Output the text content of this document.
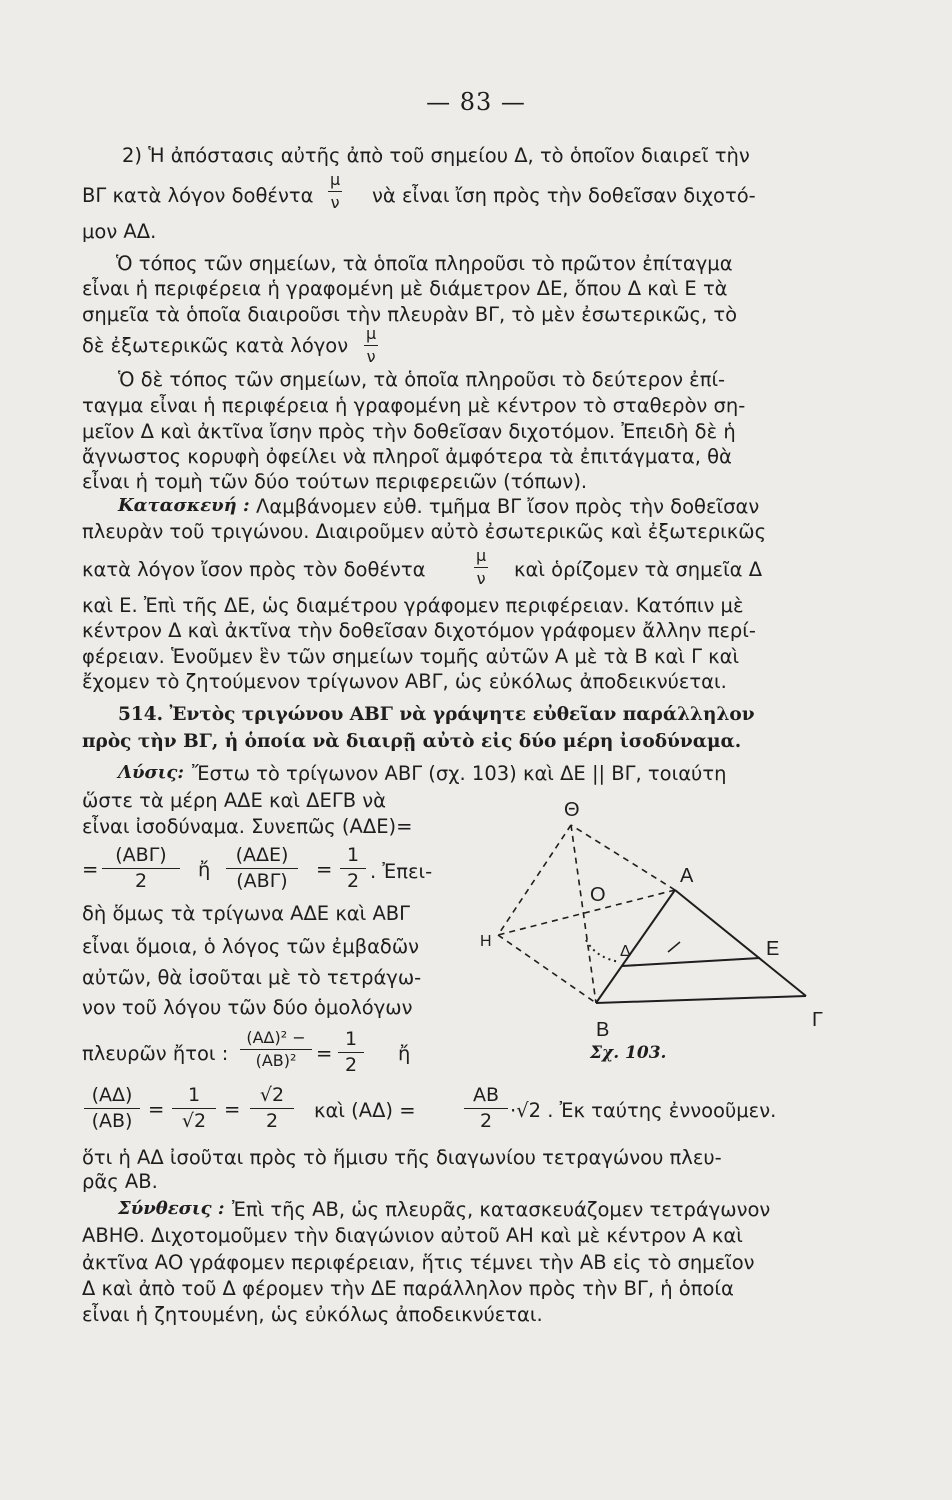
— 83 —
2) Ἡ ἀπόστασις αὐτῆς ἀπὸ τοῦ σημείου Δ, τὸ ὁποῖον διαιρεῖ τὴν
ΒΓ κατὰ λόγον δοθέντα $\frac{\mu}{\nu}$ νὰ εἶναι ἴση πρὸς τὴν δοθεῖσαν διχοτό-
μον ΑΔ.
Ὁ τόπος τῶν σημείων, τὰ ὁποῖα πληροῦσι τὸ πρῶτον ἐπίταγμα
εἶναι ἡ περιφέρεια ἡ γραφομένη μὲ διάμετρον ΔΕ, ὅπου Δ καὶ Ε τὰ
σημεῖα τὰ ὁποῖα διαιροῦσι τὴν πλευρὰν ΒΓ, τὸ μὲν ἐσωτερικῶς, τὸ
δὲ ἐξωτερικῶς κατὰ λόγον $\frac{\mu}{\nu}$
Ὁ δὲ τόπος τῶν σημείων, τὰ ὁποῖα πληροῦσι τὸ δεύτερον ἐπί-
ταγμα εἶναι ἡ περιφέρεια ἡ γραφομένη μὲ κέντρον τὸ σταθερὸν ση-
μεῖον Δ καὶ ἀκτῖνα ἴσην πρὸς τὴν δοθεῖσαν διχοτόμον. Ἐπειδὴ δὲ ἡ
ἄγνωστος κορυφὴ ὀφείλει νὰ πληροῖ ἀμφότερα τὰ ἐπιτάγματα, θὰ
εἶναι ἡ τομὴ τῶν δύο τούτων περιφερειῶν (τόπων).
Κατασκευή : Λαμβάνομεν εὐθ. τμῆμα ΒΓ ἴσον πρὸς τὴν δοθεῖσαν
πλευρὰν τοῦ τριγώνου. Διαιροῦμεν αὐτὸ ἐσωτερικῶς καὶ ἐξωτερικῶς
κατὰ λόγον ἴσον πρὸς τὸν δοθέντα	$\frac{\mu}{\nu}$ καὶ ὁρίζομεν τὰ σημεῖα Δ
καὶ Ε. Ἐπὶ τῆς ΔΕ, ὡς διαμέτρου γράφομεν περιφέρειαν. Κατόπιν μὲ
κέντρον Δ καὶ ἀκτῖνα τὴν δοθεῖσαν διχοτόμον γράφομεν ἄλλην περί-
φέρειαν. Ἑνοῦμεν ἓν τῶν σημείων τομῆς αὐτῶν Α μὲ τὰ Β καὶ Γ καὶ
ἔχομεν τὸ ζητούμενον τρίγωνον ΑΒΓ, ὡς εὐκόλως ἀποδεικνύεται.
514. Ἐντὸς τριγώνου ΑΒΓ νὰ γράψητε εὐθεῖαν παράλληλον
πρὸς τὴν ΒΓ, ἡ ὁποία νὰ διαιρῇ αὐτὸ εἰς δύο μέρη ἰσοδύναμα.
Λύσις: Ἔστω τὸ τρίγωνον ΑΒΓ (σχ. 103) καὶ ΔΕ || ΒΓ, τοιαύτη
ὥστε τὰ μέρη ΑΔΕ καὶ ΔΕΓΒ νὰ
εἶναι ἰσοδύναμα. Συνεπῶς (ΑΔΕ)=
=
(ΑΒΓ)
2	ἤ
(ΑΔΕ)
(ΑΒΓ)	= $\frac{1}{2}$ . Ἐπει-
δὴ ὅμως τὰ τρίγωνα ΑΔΕ καὶ ΑΒΓ
εἶναι ὅμοια, ὁ λόγος τῶν ἐμβαδῶν
αὐτῶν, θὰ ἰσοῦται μὲ τὸ τετράγω-
νον τοῦ λόγου τῶν δύο ὁμολόγων
πλευρῶν ἤτοι : $\frac{\text{(ΑΔ)² −}}{\text{(ΑΒ)²}} = \frac{1}{2}$ ἤ
$\frac{(A\Delta)}{(AB)} = \frac{1}{√2} = \frac{√2}{2}$ καὶ (ΑΔ) =	$\frac{AB}{2} \cdot√2$ . Ἐκ ταύτης ἐννοοῦμεν.
ὅτι ἡ ΑΔ ἰσοῦται πρὸς τὸ ἥμισυ τῆς διαγωνίου τετραγώνου πλευ-
ρᾶς ΑΒ.
Σύνθεσις : Ἐπὶ τῆς ΑΒ, ὡς πλευρᾶς, κατασκευάζομεν τετράγωνον
ΑΒΗΘ. Διχοτομοῦμεν τὴν διαγώνιον αὐτοῦ ΑΗ καὶ μὲ κέντρον Α καὶ
ἀκτῖνα ΑΟ γράφομεν περιφέρειαν, ἥτις τέμνει τὴν ΑΒ εἰς τὸ σημεῖον
Δ καὶ ἀπὸ τοῦ Δ φέρομεν τὴν ΔΕ παράλληλον πρὸς τὴν ΒΓ, ἡ ὁποία
εἶναι ἡ ζητουμένη, ὡς εὐκόλως ἀποδεικνύεται.
Θ
Α
Ο
Δ	Ε
Η
Β	Γ
Σχ. 103.
